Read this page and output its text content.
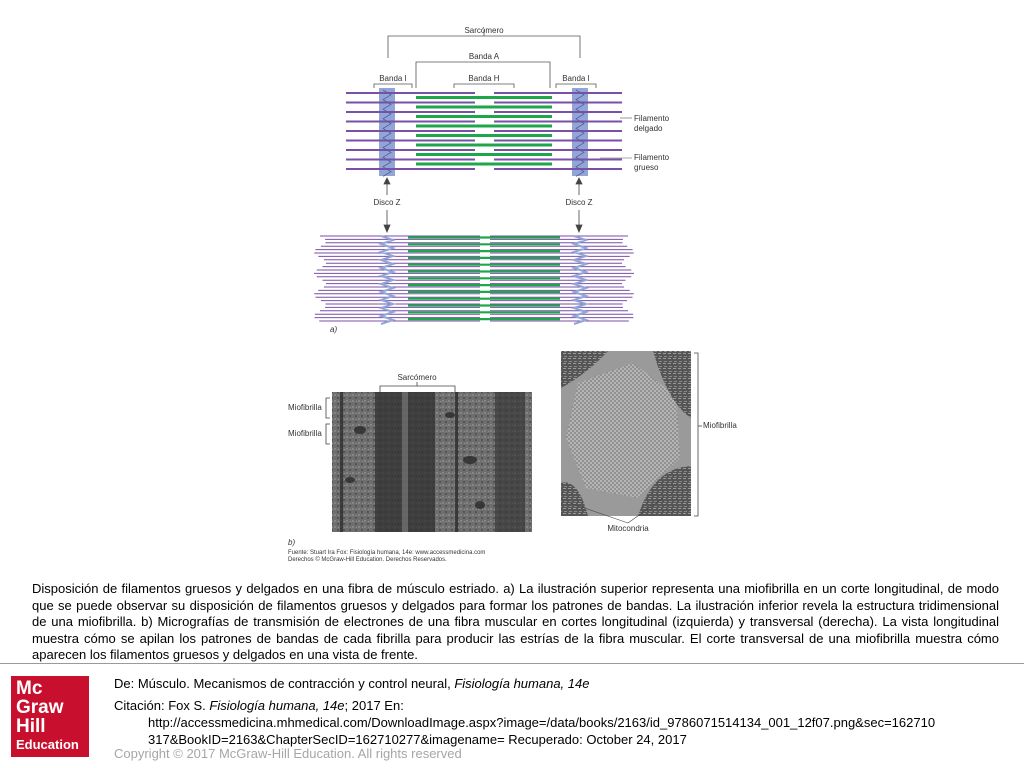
Sarcómero
Banda A
Banda I	Banda H	Banda I
Filamento
delgado
Filamento
grueso
Disco Z	Disco Z
a)
Sarcómero
Miofibrilla
Miofibrilla
b)
Miofibrilla
Mitocondria
Fuente: Stuart Ira Fox: Fisiología humana, 14e: www.accessmedicina.com
Derechos © McGraw-Hill Education. Derechos Reservados.
Disposición de filamentos gruesos y delgados en una fibra de músculo estriado. a) La ilustración superior representa una miofibrilla en un corte longitudinal, de modo que se puede observar su disposición de filamentos gruesos y delgados para formar los patrones de bandas. La ilustración inferior revela la estructura tridimensional de una miofibrilla. b) Micrografías de transmisión de electrones de una fibra muscular en cortes longitudinal (izquierda) y transversal (derecha). La vista longitudinal muestra cómo se apilan los patrones de bandas de cada fibrilla para producir las estrías de la fibra muscular. El corte transversal de una miofibrilla muestra cómo aparecen los filamentos gruesos y delgados en una vista de frente.
Mc
Graw
Hill
Education
De: Músculo. Mecanismos de contracción y control neural, Fisiología humana, 14e
Citación: Fox S. Fisiología humana, 14e; 2017 En:
http://accessmedicina.mhmedical.com/DownloadImage.aspx?image=/data/books/2163/id_9786071514134_001_12f07.png&sec=162710
317&BookID=2163&ChapterSecID=162710277&imagename= Recuperado: October 24, 2017
Copyright © 2017 McGraw-Hill Education. All rights reserved
